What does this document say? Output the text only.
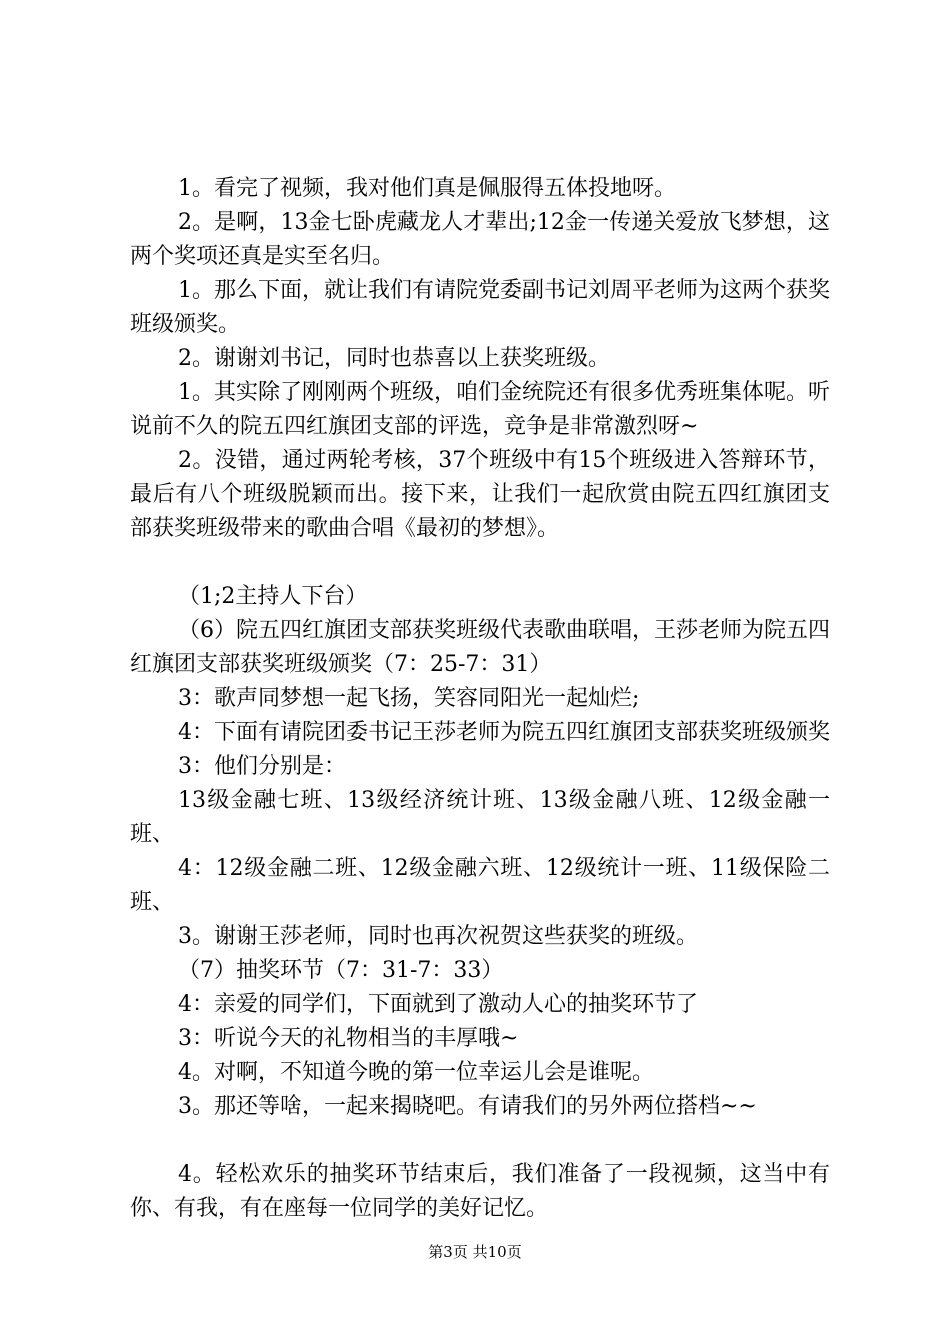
1。看完了视频，我对他们真是佩服得五体投地呀。

2。是啊，13金七卧虎藏龙人才辈出;12金一传递关爱放飞梦想，这两个奖项还真是实至名归。

1。那么下面，就让我们有请院党委副书记刘周平老师为这两个获奖班级颁奖。

2。谢谢刘书记，同时也恭喜以上获奖班级。

1。其实除了刚刚两个班级，咱们金统院还有很多优秀班集体呢。听说前不久的院五四红旗团支部的评选，竞争是非常激烈呀~

2。没错，通过两轮考核，37个班级中有15个班级进入答辩环节，最后有八个班级脱颖而出。接下来，让我们一起欣赏由院五四红旗团支部获奖班级带来的歌曲合唱《最初的梦想》。

（1;2主持人下台）

（6）院五四红旗团支部获奖班级代表歌曲联唱，王莎老师为院五四红旗团支部获奖班级颁奖（7：25-7：31）

3：歌声同梦想一起飞扬，笑容同阳光一起灿烂;

4：下面有请院团委书记王莎老师为院五四红旗团支部获奖班级颁奖

3：他们分别是：

13级金融七班、13级经济统计班、13级金融八班、12级金融一班、

4：12级金融二班、12级金融六班、12级统计一班、11级保险二班、

3。谢谢王莎老师，同时也再次祝贺这些获奖的班级。

（7）抽奖环节（7：31-7：33）

4：亲爱的同学们，下面就到了激动人心的抽奖环节了

3：听说今天的礼物相当的丰厚哦~

4。对啊，不知道今晚的第一位幸运儿会是谁呢。

3。那还等啥，一起来揭晓吧。有请我们的另外两位搭档~~

4。轻松欢乐的抽奖环节结束后，我们准备了一段视频，这当中有你、有我，有在座每一位同学的美好记忆。

第3页 共10页
